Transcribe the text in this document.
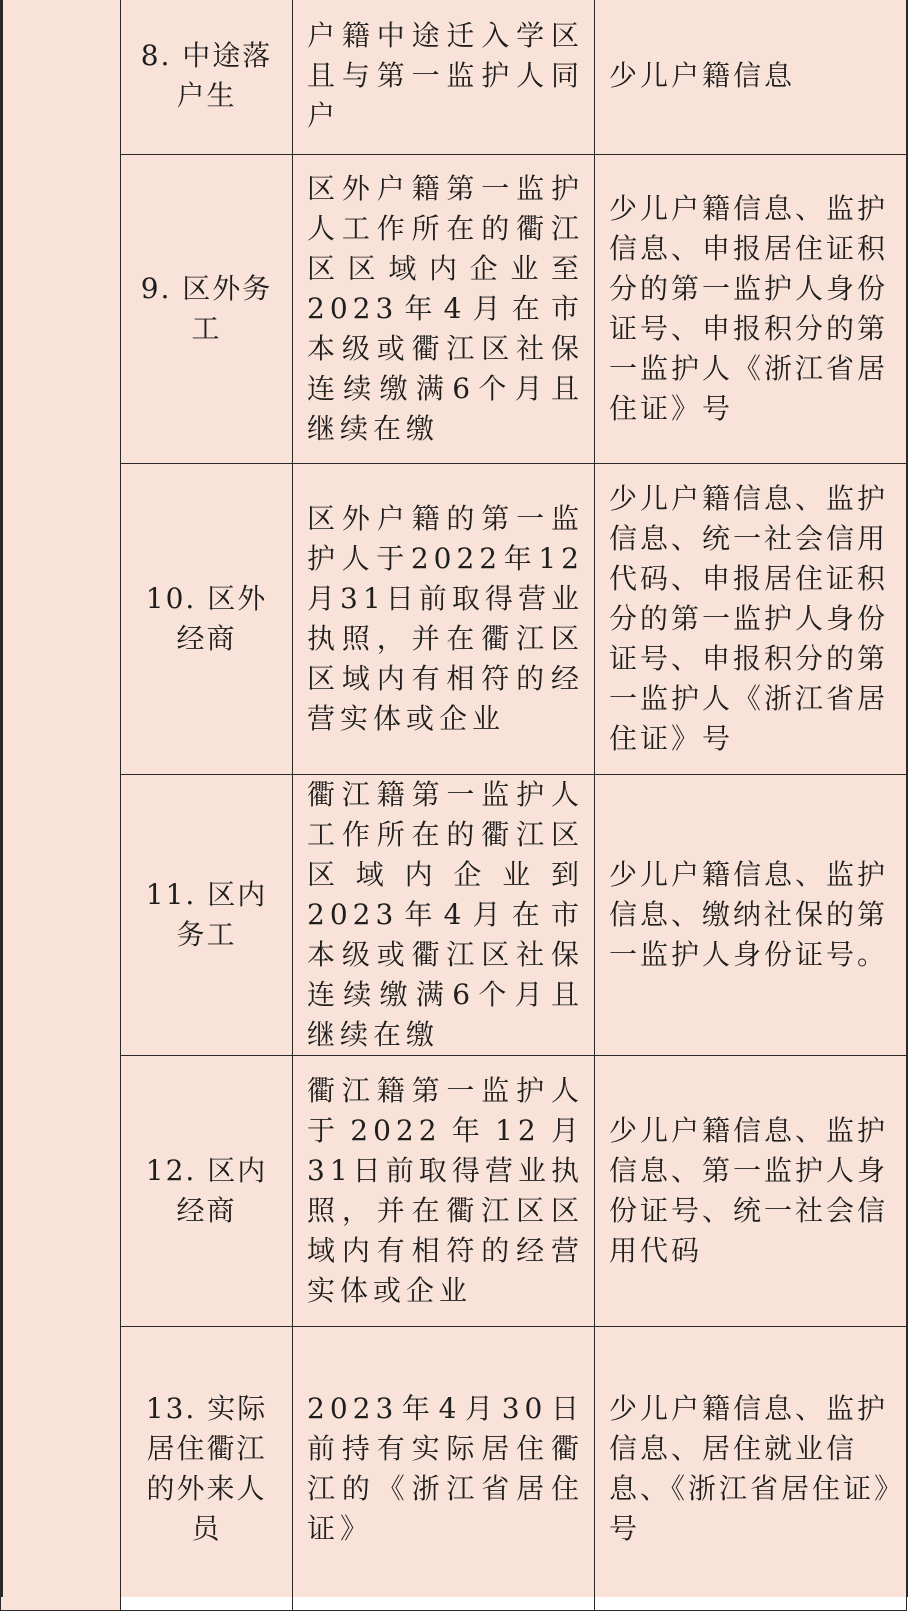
	8. 中途落户生	户籍中途迁入学区且与第一监护人同户	少儿户籍信息
	9. 区外务工	区外户籍第一监护人工作所在的衢江区区域内企业至2023年4月在市本级或衢江区社保连续缴满6个月且继续在缴	少儿户籍信息、监护信息、申报居住证积分的第一监护人身份证号、申报积分的第一监护人《浙江省居住证》号
	10. 区外经商	区外户籍的第一监护人于2022年12月31日前取得营业执照，并在衢江区区域内有相符的经营实体或企业	少儿户籍信息、监护信息、统一社会信用代码、申报居住证积分的第一监护人身份证号、申报积分的第一监护人《浙江省居住证》号
	11. 区内务工	衢江籍第一监护人工作所在的衢江区区域内企业到2023年4月在市本级或衢江区社保连续缴满6个月且继续在缴	少儿户籍信息、监护信息、缴纳社保的第一监护人身份证号。
	12. 区内经商	衢江籍第一监护人于2022年12月31日前取得营业执照，并在衢江区区域内有相符的经营实体或企业	少儿户籍信息、监护信息、第一监护人身份证号、统一社会信用代码
	13. 实际居住衢江的外来人员	2023年4月30日前持有实际居住衢江的《浙江省居住证》	少儿户籍信息、监护信息、居住就业信息、《浙江省居住证》号
